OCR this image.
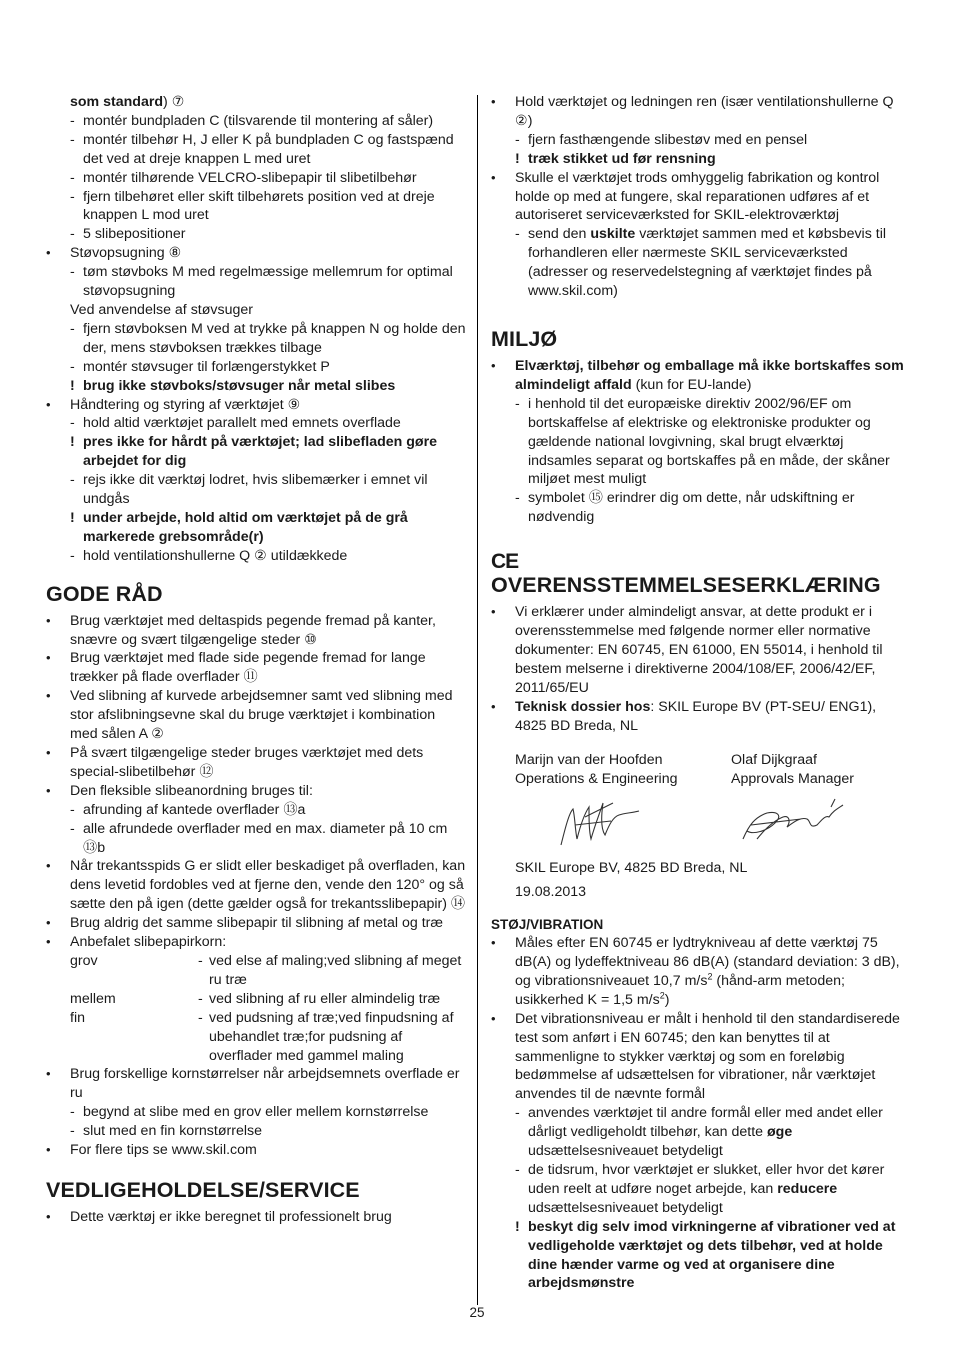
som standard) ⑦
- montér bundpladen C (tilsvarende til montering af såler)
- montér tilbehør H, J eller K på bundpladen C og fastspænd det ved at dreje knappen L med uret
- montér tilhørende VELCRO-slibepapir til slibetilbehør
- fjern tilbehøret eller skift tilbehørets position ved at dreje knappen L mod uret
- 5 slibepositioner
• Støvopsugning ⑧
- tøm støvboks M med regelmæssige mellemrum for optimal støvopsugning
Ved anvendelse af støvsuger
- fjern støvboksen M ved at trykke på knappen N og holde den der, mens støvboksen trækkes tilbage
- montér støvsuger til forlængerstykket P
! brug ikke støvboks/støvsuger når metal slibes
• Håndtering og styring af værktøjet ⑨
- hold altid værktøjet parallelt med emnets overflade
! pres ikke for hårdt på værktøjet; lad slibefladen gøre arbejdet for dig
- rejs ikke dit værktøj lodret, hvis slibemærker i emnet vil undgås
! under arbejde, hold altid om værktøjet på de grå markerede grebsområde(r)
- hold ventilationshullerne Q ② utildækkede
GODE RÅD
• Brug værktøjet med deltaspids pegende fremad på kanter, snævre og svært tilgængelige steder ⑩
• Brug værktøjet med flade side pegende fremad for lange trækker på flade overflader ⑪
• Ved slibning af kurvede arbejdsemner samt ved slibning med stor afslibningsevne skal du bruge værktøjet i kombination med sålen A ②
• På svært tilgængelige steder bruges værktøjet med dets special-slibetilbehør ⑫
• Den fleksible slibeanordning bruges til:
- afrunding af kantede overflader ⑬a
- alle afrundede overflader med en max. diameter på 10 cm ⑬b
• Når trekantsspids G er slidt eller beskadiget på overfladen, kan dens levetid fordobles ved at fjerne den, vende den 120° og så sætte den på igen (dette gælder også for trekantsslibepapir) ⑭
• Brug aldrig det samme slibepapir til slibning af metal og træ
• Anbefalet slibepapirkorn:
grov	- ved else af maling;ved slibning af meget ru træ
mellem	- ved slibning af ru eller almindelig træ
fin	- ved pudsning af træ;ved finpudsning af ubehandlet træ;for pudsning af overflader med gammel maling
• Brug forskellige kornstørrelser når arbejdsemnets overflade er ru
- begynd at slibe med en grov eller mellem kornstørrelse
- slut med en fin kornstørrelse
• For flere tips se www.skil.com
VEDLIGEHOLDELSE/SERVICE
• Dette værktøj er ikke beregnet til professionelt brug
• Hold værktøjet og ledningen ren (især ventilationshullerne Q ②)
- fjern fasthængende slibestøv med en pensel
! træk stikket ud før rensning
• Skulle el værktøjet trods omhyggelig fabrikation og kontrol holde op med at fungere, skal reparationen udføres af et autoriseret serviceværksted for SKIL-elektroværktøj
- send den uskilte værktøjet sammen med et købsbevis til forhandleren eller nærmeste SKIL serviceværksted (adresser og reservedelstegning af værktøjet findes på www.skil.com)
MILJØ
• Elværktøj, tilbehør og emballage må ikke bortskaffes som almindeligt affald (kun for EU-lande)
- i henhold til det europæiske direktiv 2002/96/EF om bortskaffelse af elektriske og elektroniske produkter og gældende national lovgivning, skal brugt elværktøj indsamles separat og bortskaffes på en måde, der skåner miljøet mest muligt
- symbolet ⑮ erindrer dig om dette, når udskiftning er nødvendig
CE
OVERENSSTEMMELSESERKLÆRING
• Vi erklærer under almindeligt ansvar, at dette produkt er i overensstemmelse med følgende normer eller normative dokumenter: EN 60745, EN 61000, EN 55014, i henhold til bestem melserne i direktiverne 2004/108/EF, 2006/42/EF, 2011/65/EU
• Teknisk dossier hos: SKIL Europe BV (PT-SEU/ ENG1), 4825 BD Breda, NL
Marijn van der Hoofden
Operations & Engineering
Olaf Dijkgraaf
Approvals Manager
SKIL Europe BV, 4825 BD Breda, NL
19.08.2013
STØJ/VIBRATION
• Måles efter EN 60745 er lydtrykniveau af dette værktøj 75 dB(A) og lydeffektniveau 86 dB(A) (standard deviation: 3 dB), og vibrationsniveauet 10,7 $m/s^2$ (hånd-arm metoden; usikkerhed K = 1,5 $m/s^2$)
• Det vibrationsniveau er målt i henhold til den standardiserede test som anført i EN 60745; den kan benyttes til at sammenligne to stykker værktøj og som en foreløbig bedømmelse af udsættelsen for vibrationer, når værktøjet anvendes til de nævnte formål
- anvendes værktøjet til andre formål eller med andet eller dårligt vedligeholdt tilbehør, kan dette øge udsættelsesniveauet betydeligt
- de tidsrum, hvor værktøjet er slukket, eller hvor det kører uden reelt at udføre noget arbejde, kan reducere udsættelsesniveauet betydeligt
! beskyt dig selv imod virkningerne af vibrationer ved at vedligeholde værktøjet og dets tilbehør, ved at holde dine hænder varme og ved at organisere dine arbejdsmønstre
25
